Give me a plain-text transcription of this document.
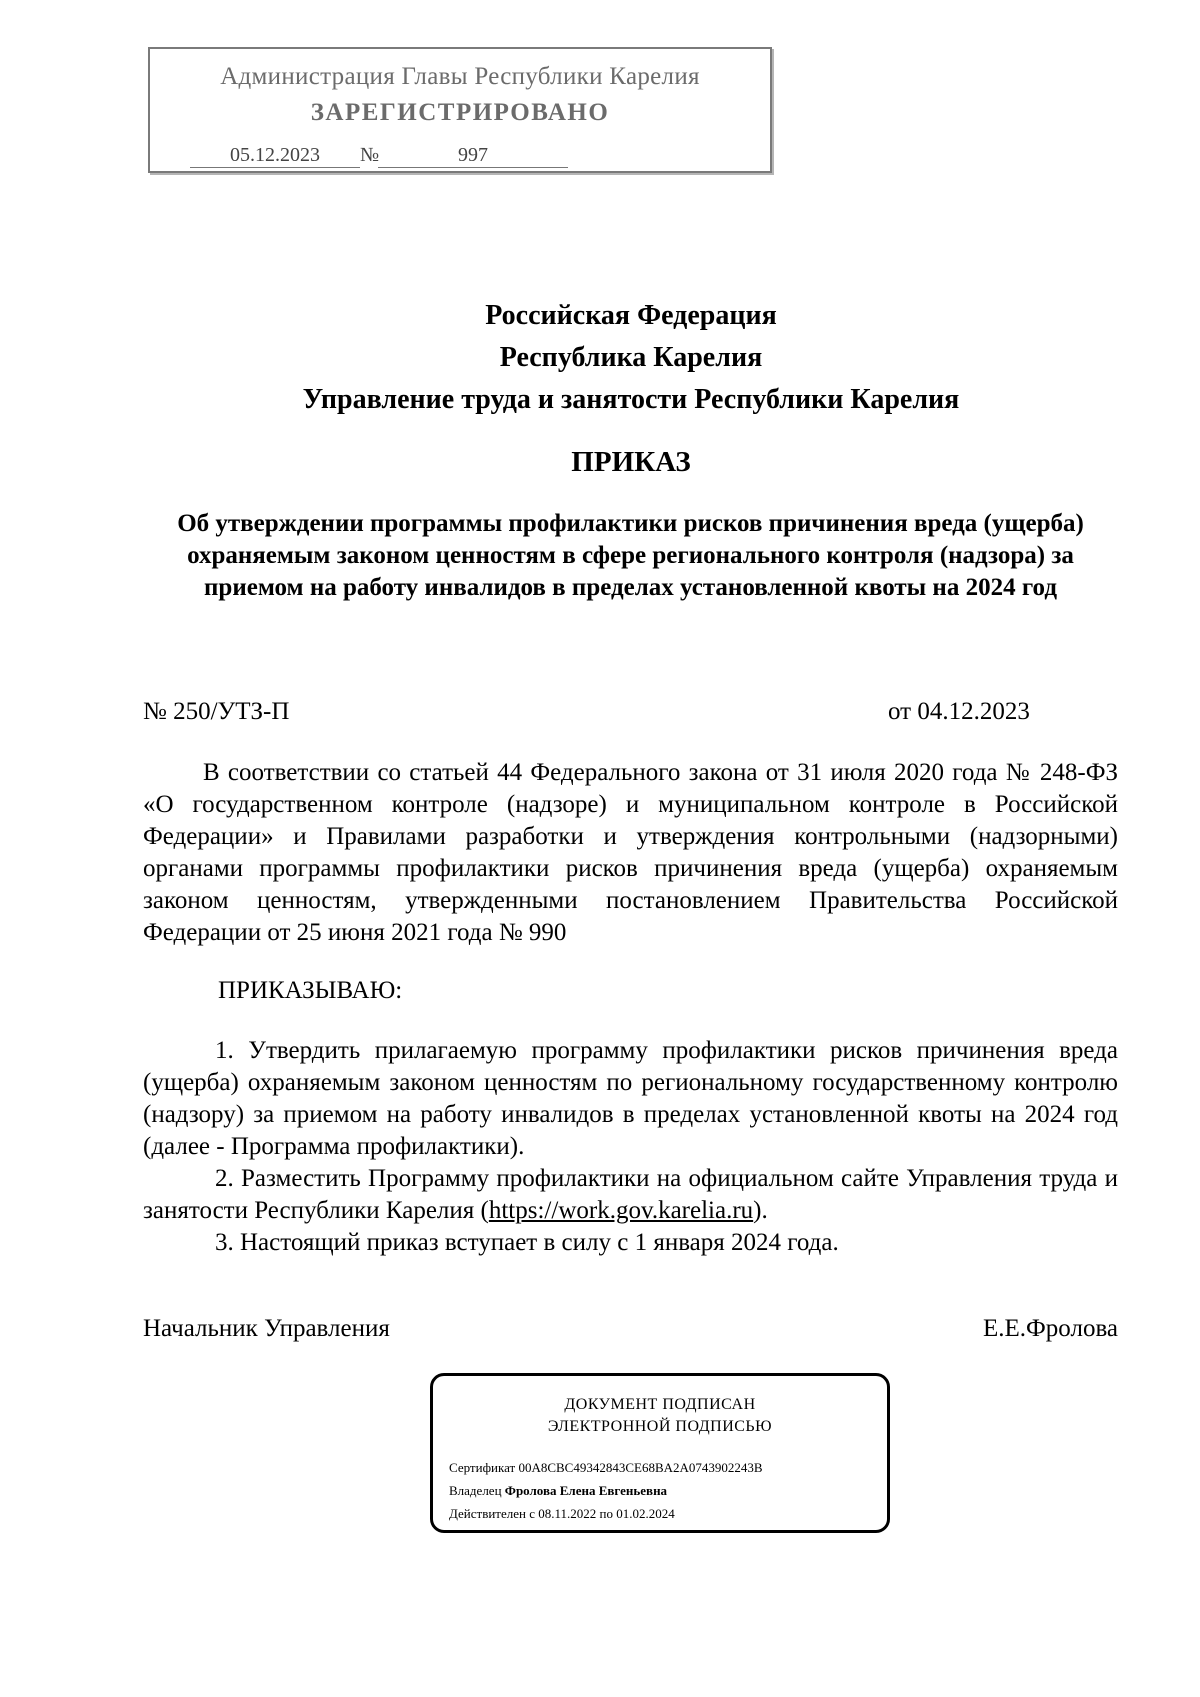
Администрация Главы Республики Карелия
ЗАРЕГИСТРИРОВАНО
05.12.2023 №	997
Российская Федерация
Республика Карелия
Управление труда и занятости Республики Карелия
ПРИКАЗ
Об утверждении программы профилактики рисков причинения вреда (ущерба) охраняемым законом ценностям в сфере регионального контроля (надзора) за приемом на работу инвалидов в пределах установленной квоты на 2024 год
№ 250/УТЗ-П	от 04.12.2023
В соответствии со статьей 44 Федерального закона от 31 июля 2020 года № 248-ФЗ «О государственном контроле (надзоре) и муниципальном контроле в Российской Федерации» и Правилами разработки и утверждения контрольными (надзорными) органами программы профилактики рисков причинения вреда (ущерба) охраняемым законом ценностям, утвержденными постановлением Правительства Российской Федерации от 25 июня 2021 года № 990
ПРИКАЗЫВАЮ:
1. Утвердить прилагаемую программу профилактики рисков причинения вреда (ущерба) охраняемым законом ценностям по региональному государственному контролю (надзору) за приемом на работу инвалидов в пределах установленной квоты на 2024 год (далее - Программа профилактики).
2. Разместить Программу профилактики на официальном сайте Управления труда и занятости Республики Карелия (https://work.gov.karelia.ru).
3. Настоящий приказ вступает в силу с 1 января 2024 года.
Начальник Управления	Е.Е.Фролова
ДОКУМЕНТ ПОДПИСАН
ЭЛЕКТРОННОЙ ПОДПИСЬЮ
Сертификат 00A8CBC49342843CE68BA2A0743902243B
Владелец Фролова Елена Евгеньевна
Действителен с 08.11.2022 по 01.02.2024
